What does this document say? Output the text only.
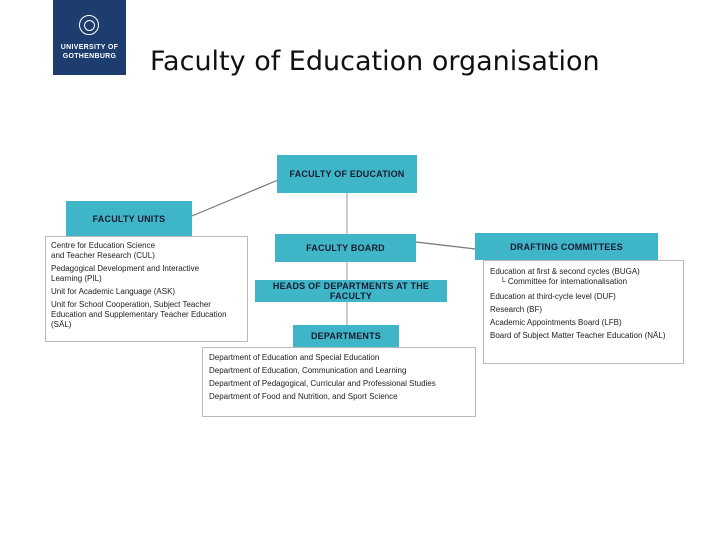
UNIVERSITY OF
GOTHENBURG	Faculty of Education organisation
FACULTY OF EDUCATION
FACULTY UNITS
Centre for Education Science
and Teacher Research (CUL)
Pedagogical Development and Interactive
Learning (PIL)
Unit for Academic Language (ASK)
Unit for School Cooperation, Subject Teacher
Education and Supplementary Teacher Education
(SÄL)
FACULTY BOARD
HEADS OF DEPARTMENTS AT THE FACULTY
DEPARTMENTS
Department of Education and Special Education
Department of Education, Communication and Learning
Department of Pedagogical, Curricular and Professional Studies
Department of Food and Nutrition, and Sport Science
DRAFTING COMMITTEES
Education at first & second cycles (BUGA)
└ Committee for internationalisation
Education at third-cycle level (DUF)
Research (BF)
Academic Appointments Board (LFB)
Board of Subject Matter Teacher Education (NÄL)
